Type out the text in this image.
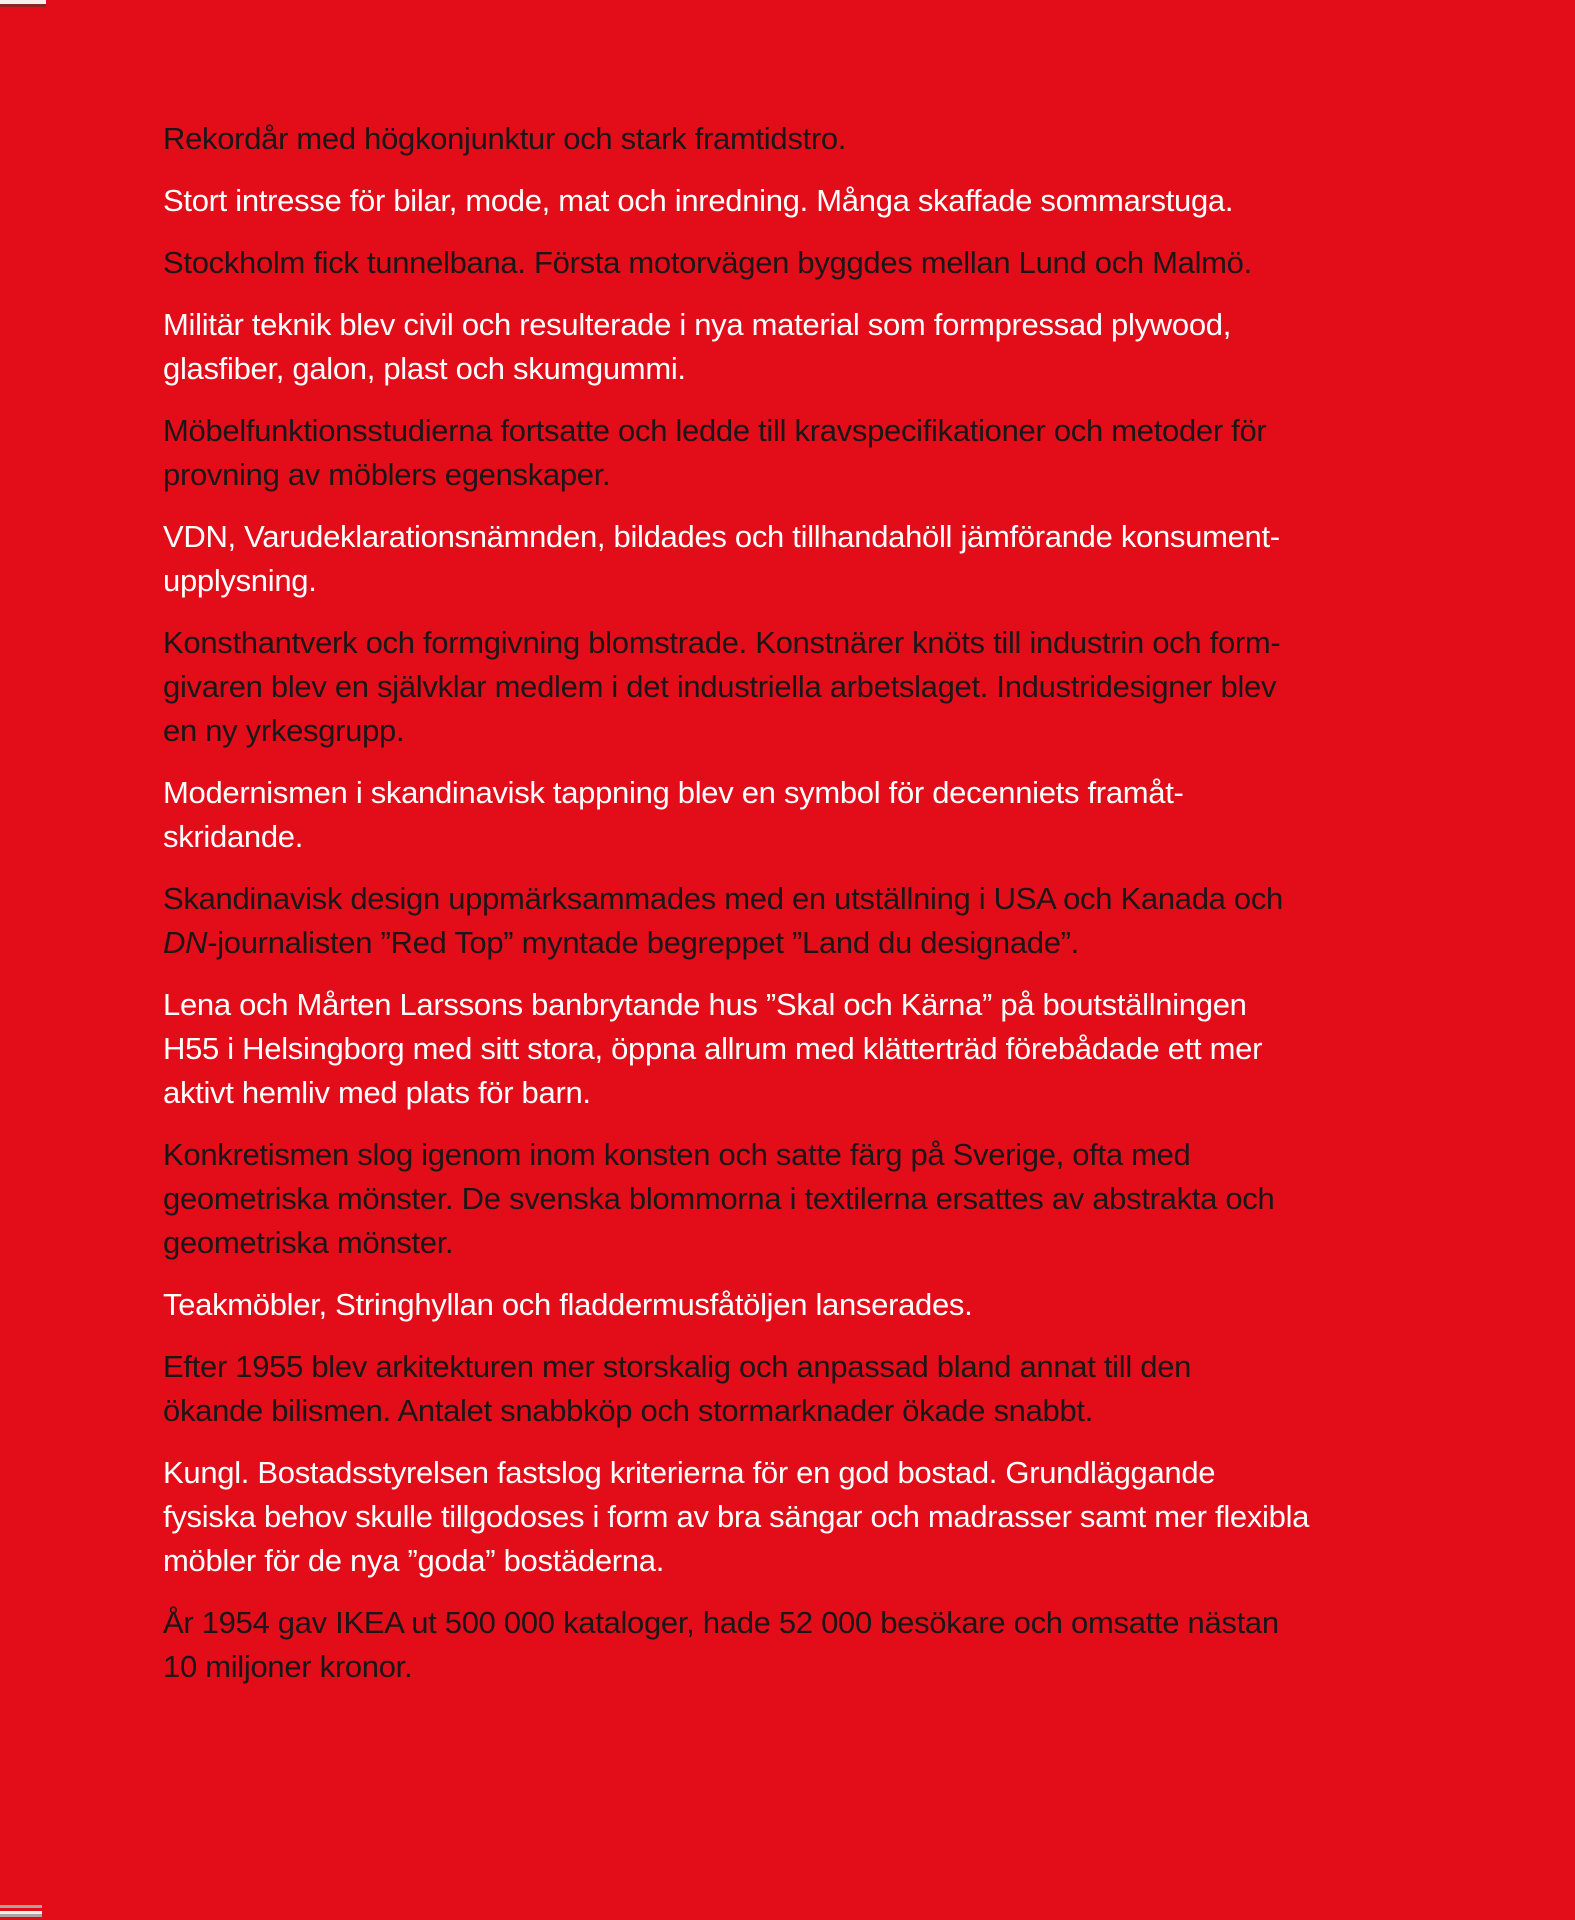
Rekordår med högkonjunktur och stark framtidstro.
Stort intresse för bilar, mode, mat och inredning. Många skaffade sommarstuga.
Stockholm fick tunnelbana. Första motorvägen byggdes mellan Lund och Malmö.
Militär teknik blev civil och resulterade i nya material som formpressad plywood,
glasfiber, galon, plast och skumgummi.
Möbelfunktionsstudierna fortsatte och ledde till kravspecifikationer och metoder för
provning av möblers egenskaper.
VDN, Varudeklarationsnämnden, bildades och tillhandahöll jämförande konsument-
upplysning.
Konsthantverk och formgivning blomstrade. Konstnärer knöts till industrin och form-
givaren blev en självklar medlem i det industriella arbetslaget. Industridesigner blev
en ny yrkesgrupp.
Modernismen i skandinavisk tappning blev en symbol för decenniets framåt-
skridande.
Skandinavisk design uppmärksammades med en utställning i USA och Kanada och
DN-journalisten ”Red Top” myntade begreppet ”Land du designade”.
Lena och Mårten Larssons banbrytande hus ”Skal och Kärna” på boutställningen
H55 i Helsingborg med sitt stora, öppna allrum med klätterträd förebådade ett mer
aktivt hemliv med plats för barn.
Konkretismen slog igenom inom konsten och satte färg på Sverige, ofta med
geometriska mönster. De svenska blommorna i textilerna ersattes av abstrakta och
geometriska mönster.
Teakmöbler, Stringhyllan och fladdermusfåtöljen lanserades.
Efter 1955 blev arkitekturen mer storskalig och anpassad bland annat till den
ökande bilismen. Antalet snabbköp och stormarknader ökade snabbt.
Kungl. Bostadsstyrelsen fastslog kriterierna för en god bostad. Grundläggande
fysiska behov skulle tillgodoses i form av bra sängar och madrasser samt mer flexibla
möbler för de nya ”goda” bostäderna.
År 1954 gav IKEA ut 500 000 kataloger, hade 52 000 besökare och omsatte nästan
10 miljoner kronor.
